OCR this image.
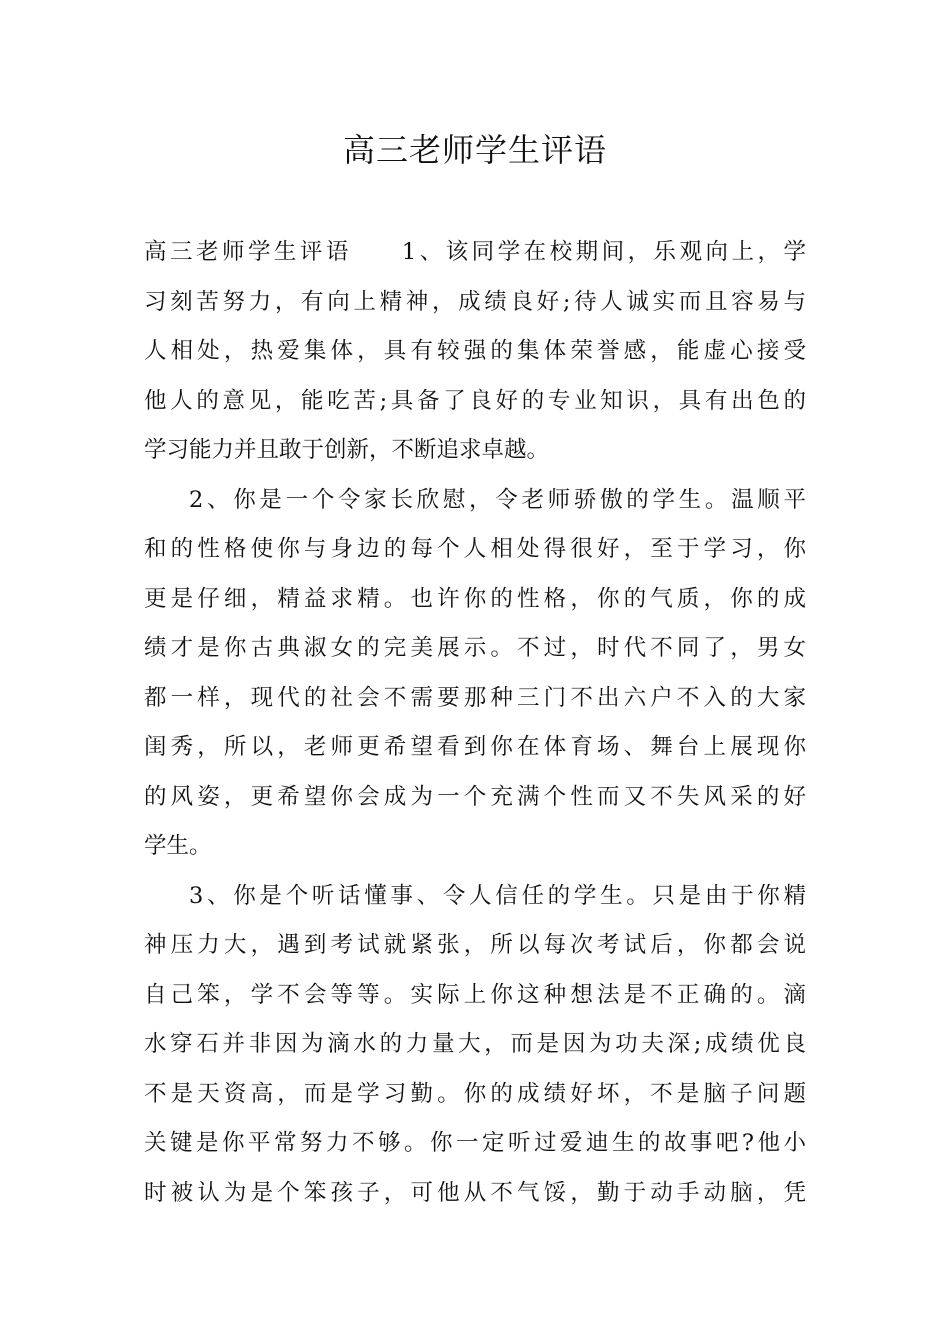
高三老师学生评语
高三老师学生评语 1、该同学在校期间，乐观向上，学
习刻苦努力，有向上精神，成绩良好;待人诚实而且容易与
人相处，热爱集体，具有较强的集体荣誉感，能虚心接受
他人的意见，能吃苦;具备了良好的专业知识，具有出色的
学习能力并且敢于创新，不断追求卓越。
2、你是一个令家长欣慰，令老师骄傲的学生。温顺平
和的性格使你与身边的每个人相处得很好，至于学习，你
更是仔细，精益求精。也许你的性格，你的气质，你的成
绩才是你古典淑女的完美展示。不过，时代不同了，男女
都一样，现代的社会不需要那种三门不出六户不入的大家
闺秀，所以，老师更希望看到你在体育场、舞台上展现你
的风姿，更希望你会成为一个充满个性而又不失风采的好
学生。
3、你是个听话懂事、令人信任的学生。只是由于你精
神压力大，遇到考试就紧张，所以每次考试后，你都会说
自己笨，学不会等等。实际上你这种想法是不正确的。滴
水穿石并非因为滴水的力量大，而是因为功夫深;成绩优良
不是天资高，而是学习勤。你的成绩好坏，不是脑子问题
关键是你平常努力不够。你一定听过爱迪生的故事吧?他小
时被认为是个笨孩子，可他从不气馁，勤于动手动脑，凭
